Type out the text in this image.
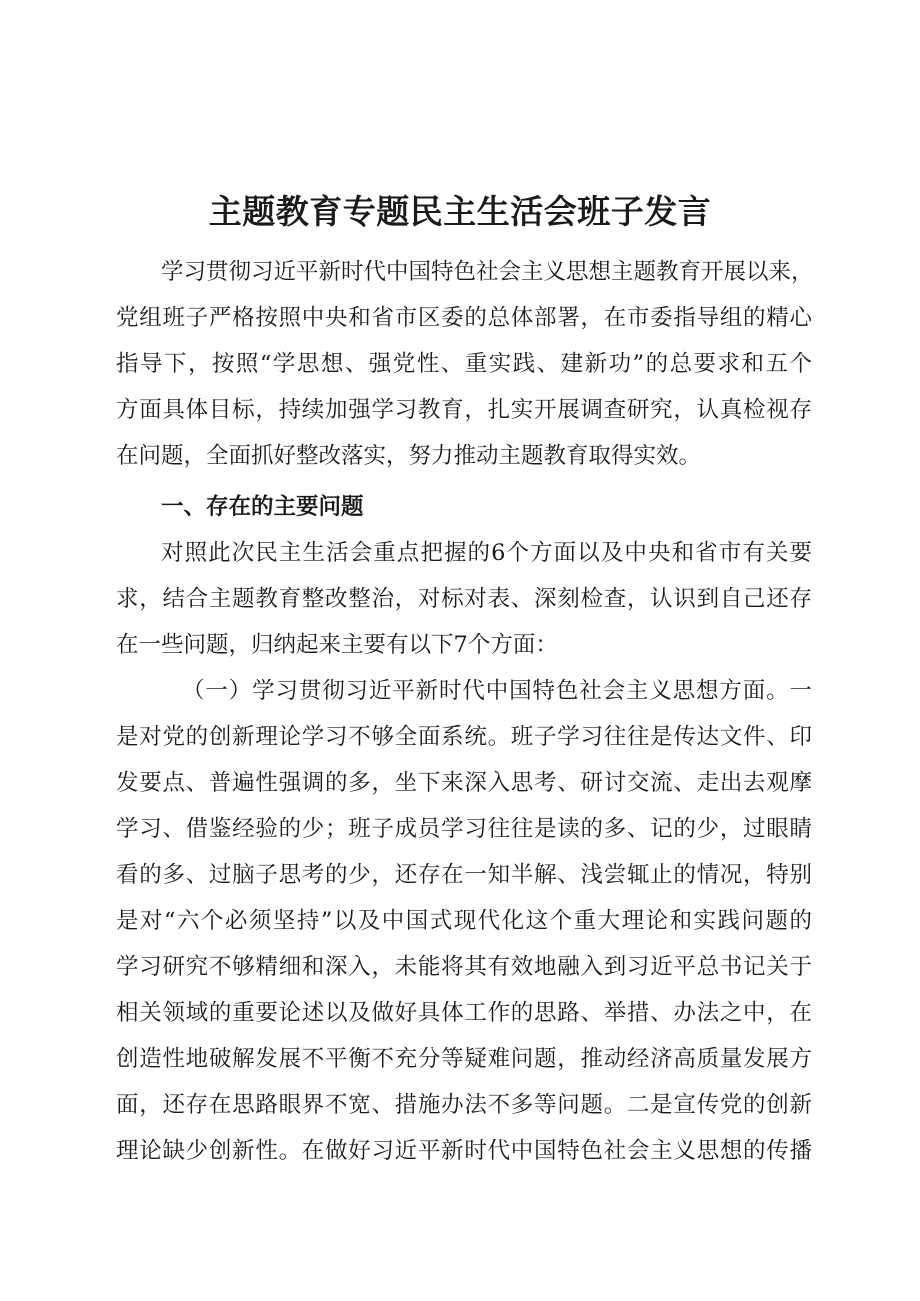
主题教育专题民主生活会班子发言
学习贯彻习近平新时代中国特色社会主义思想主题教育开展以来，
党组班子严格按照中央和省市区委的总体部署，在市委指导组的精心
指导下，按照“学思想、强党性、重实践、建新功”的总要求和五个
方面具体目标，持续加强学习教育，扎实开展调查研究，认真检视存
在问题，全面抓好整改落实，努力推动主题教育取得实效。
一、存在的主要问题
对照此次民主生活会重点把握的6个方面以及中央和省市有关要
求，结合主题教育整改整治，对标对表、深刻检查，认识到自己还存
在一些问题，归纳起来主要有以下7个方面：
（一）学习贯彻习近平新时代中国特色社会主义思想方面。一
是对党的创新理论学习不够全面系统。班子学习往往是传达文件、印
发要点、普遍性强调的多，坐下来深入思考、研讨交流、走出去观摩
学习、借鉴经验的少；班子成员学习往往是读的多、记的少，过眼睛
看的多、过脑子思考的少，还存在一知半解、浅尝辄止的情况，特别
是对“六个必须坚持”以及中国式现代化这个重大理论和实践问题的
学习研究不够精细和深入，未能将其有效地融入到习近平总书记关于
相关领域的重要论述以及做好具体工作的思路、举措、办法之中，在
创造性地破解发展不平衡不充分等疑难问题，推动经济高质量发展方
面，还存在思路眼界不宽、措施办法不多等问题。二是宣传党的创新
理论缺少创新性。在做好习近平新时代中国特色社会主义思想的传播
